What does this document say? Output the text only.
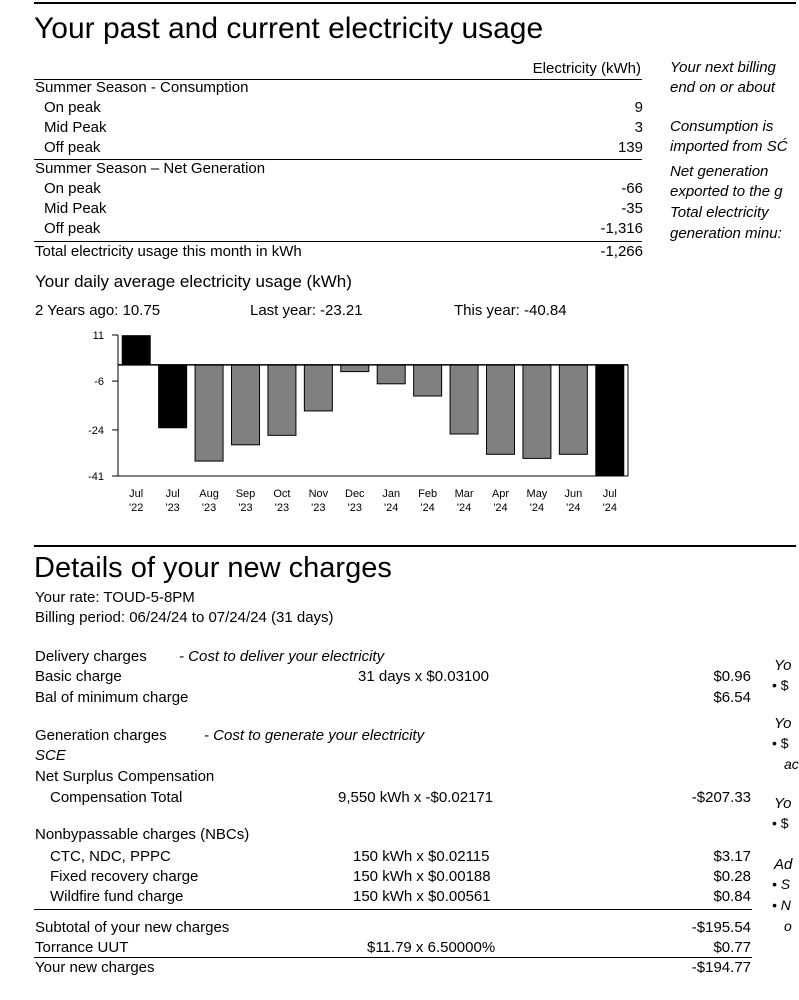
Your past and current electricity usage
Electricity (kWh)
Summer Season - Consumption
On peak	9
Mid Peak	3
Off peak	139
Summer Season – Net Generation
On peak	-66
Mid Peak	-35
Off peak	-1,316
Total electricity usage this month in kWh	-1,266
Your next billing
end on or about
Consumption is
imported from SĆ
Net generation
exported to the g
Total electricity
generation minu:
Your daily average electricity usage (kWh)
2 Years ago: 10.75	Last year: -23.21	This year: -40.84
11
-6
-24
-41
Jul
'22
Jul
'23
Aug
'23
Sep
'23
Oct
'23
Nov
'23
Dec
'23
Jan
'24
Feb
'24
Mar
'24
Apr
'24
May
'24
Jun
'24
Jul
'24
Details of your new charges
Your rate: TOUD-5-8PM
Billing period: 06/24/24 to 07/24/24 (31 days)
Delivery charges - Cost to deliver your electricity
Basic charge	31 days x $0.03100	$0.96
Bal of minimum charge	$6.54
Generation charges - Cost to generate your electricity
SCE
Net Surplus Compensation
Compensation Total	9,550 kWh x -$0.02171	-$207.33
Nonbypassable charges (NBCs)
CTC, NDC, PPPC	150 kWh x $0.02115	$3.17
Fixed recovery charge	150 kWh x $0.00188	$0.28
Wildfire fund charge	150 kWh x $0.00561	$0.84
Subtotal of your new charges	-$195.54
Torrance UUT	$11.79 x 6.50000%	$0.77
Your new charges	-$194.77
Yo
• $
Yo
• $
ac
Yo
• $
Ad
• S
• N
o
